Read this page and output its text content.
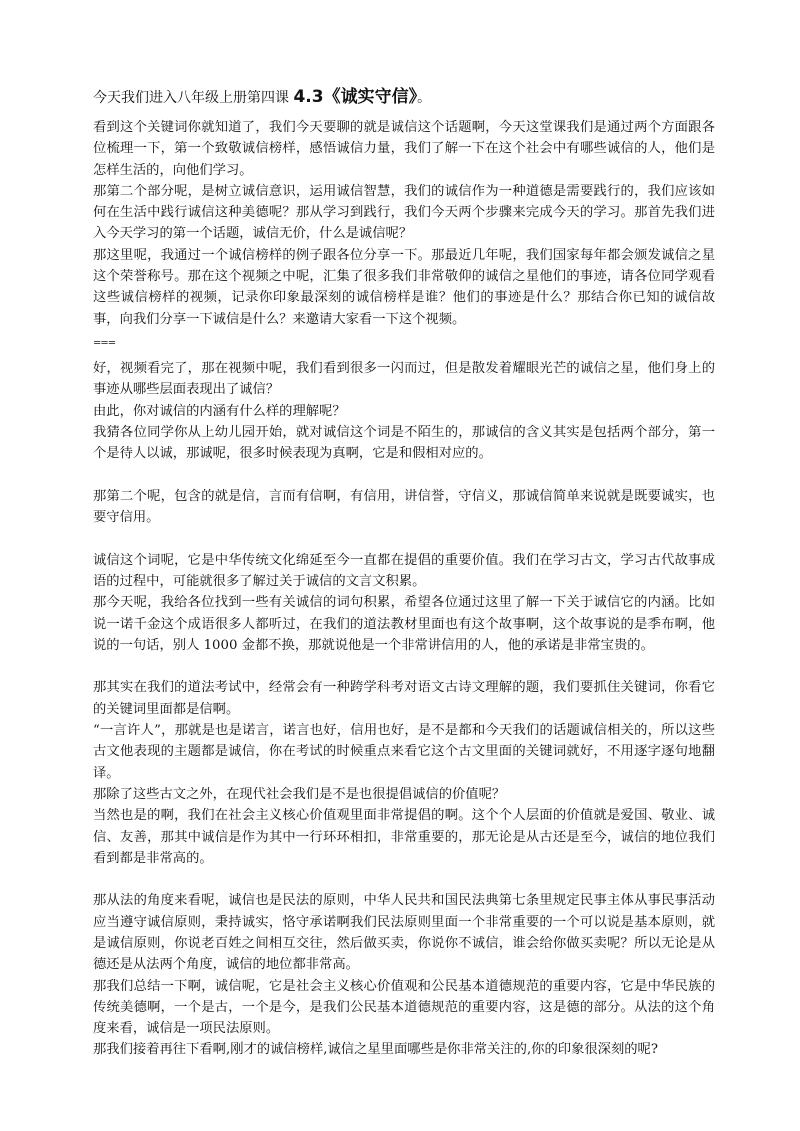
今天我们进入八年级上册第四课 4.3《诚实守信》。

看到这个关键词你就知道了，我们今天要聊的就是诚信这个话题啊，今天这堂课我们是通过两个方面跟各位梳理一下，第一个致敬诚信榜样，感悟诚信力量，我们了解一下在这个社会中有哪些诚信的人，他们是怎样生活的，向他们学习。

那第二个部分呢，是树立诚信意识，运用诚信智慧，我们的诚信作为一种道德是需要践行的，我们应该如何在生活中践行诚信这种美德呢？那从学习到践行，我们今天两个步骤来完成今天的学习。那首先我们进入今天学习的第一个话题，诚信无价，什么是诚信呢？

那这里呢，我通过一个诚信榜样的例子跟各位分享一下。那最近几年呢，我们国家每年都会颁发诚信之星这个荣誉称号。那在这个视频之中呢，汇集了很多我们非常敬仰的诚信之星他们的事迹，请各位同学观看这些诚信榜样的视频，记录你印象最深刻的诚信榜样是谁？他们的事迹是什么？那结合你已知的诚信故事，向我们分享一下诚信是什么？来邀请大家看一下这个视频。

===

好，视频看完了，那在视频中呢，我们看到很多一闪而过，但是散发着耀眼光芒的诚信之星，他们身上的事迹从哪些层面表现出了诚信？

由此，你对诚信的内涵有什么样的理解呢？

我猜各位同学你从上幼儿园开始，就对诚信这个词是不陌生的，那诚信的含义其实是包括两个部分，第一个是待人以诚，那诚呢，很多时候表现为真啊，它是和假相对应的。

那第二个呢，包含的就是信，言而有信啊，有信用，讲信誉，守信义，那诚信简单来说就是既要诚实，也要守信用。

诚信这个词呢，它是中华传统文化绵延至今一直都在提倡的重要价值。我们在学习古文，学习古代故事成语的过程中，可能就很多了解过关于诚信的文言文积累。

那今天呢，我给各位找到一些有关诚信的词句积累，希望各位通过这里了解一下关于诚信它的内涵。比如说一诺千金这个成语很多人都听过，在我们的道法教材里面也有这个故事啊，这个故事说的是季布啊，他说的一句话，别人 1000 金都不换，那就说他是一个非常讲信用的人，他的承诺是非常宝贵的。

那其实在我们的道法考试中，经常会有一种跨学科考对语文古诗文理解的题，我们要抓住关键词，你看它的关键词里面都是信啊。

“一言许人”，那就是也是诺言，诺言也好，信用也好，是不是都和今天我们的话题诚信相关的，所以这些古文他表现的主题都是诚信，你在考试的时候重点来看它这个古文里面的关键词就好，不用逐字逐句地翻译。

那除了这些古文之外，在现代社会我们是不是也很提倡诚信的价值呢？

当然也是的啊，我们在社会主义核心价值观里面非常提倡的啊。这个个人层面的价值就是爱国、敬业、诚信、友善，那其中诚信是作为其中一行环环相扣，非常重要的，那无论是从古还是至今，诚信的地位我们看到都是非常高的。

那从法的角度来看呢，诚信也是民法的原则，中华人民共和国民法典第七条里规定民事主体从事民事活动应当遵守诚信原则，秉持诚实，恪守承诺啊我们民法原则里面一个非常重要的一个可以说是基本原则，就是诚信原则，你说老百姓之间相互交往，然后做买卖，你说你不诚信，谁会给你做买卖呢？所以无论是从德还是从法两个角度，诚信的地位都非常高。

那我们总结一下啊，诚信呢，它是社会主义核心价值观和公民基本道德规范的重要内容，它是中华民族的传统美德啊，一个是古，一个是今，是我们公民基本道德规范的重要内容，这是德的部分。从法的这个角度来看，诚信是一项民法原则。

那我们接着再往下看啊,刚才的诚信榜样,诚信之星里面哪些是你非常关注的,你的印象很深刻的呢?
